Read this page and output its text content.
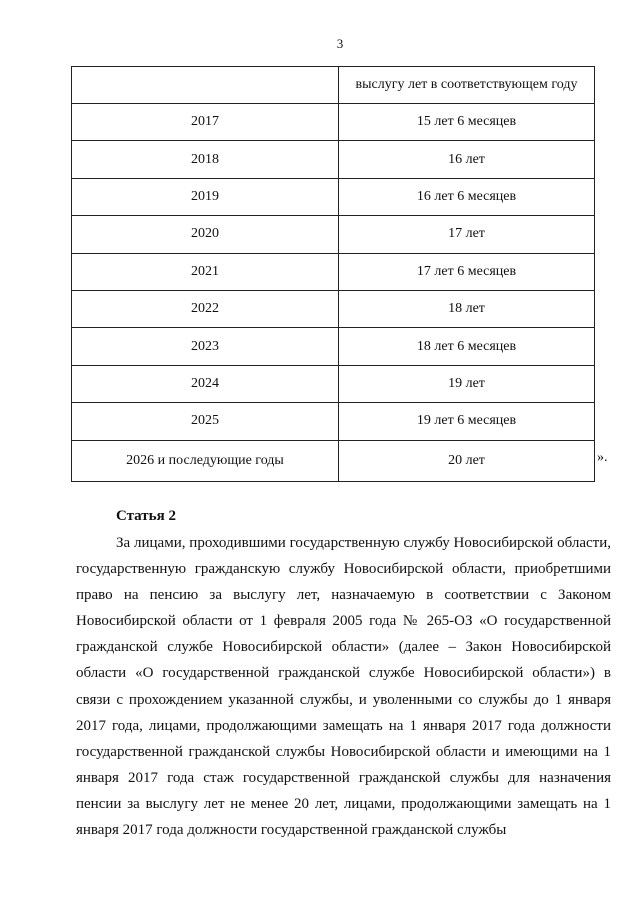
3
	выслугу лет в соответствующем году
2017	15 лет 6 месяцев
2018	16 лет
2019	16 лет 6 месяцев
2020	17 лет
2021	17 лет 6 месяцев
2022	18 лет
2023	18 лет 6 месяцев
2024	19 лет
2025	19 лет 6 месяцев
2026 и последующие годы	20 лет	».
Статья 2

За лицами, проходившими государственную службу Новосибирской области, государственную гражданскую службу Новосибирской области, приобретшими право на пенсию за выслугу лет, назначаемую в соответствии с Законом Новосибирской области от 1 февраля 2005 года № 265-ОЗ «О государственной гражданской службе Новосибирской области» (далее – Закон Новосибирской области «О государственной гражданской службе Новосибирской области») в связи с прохождением указанной службы, и уволенными со службы до 1 января 2017 года, лицами, продолжающими замещать на 1 января 2017 года должности государственной гражданской службы Новосибирской области и имеющими на 1 января 2017 года стаж государственной гражданской службы для назначения пенсии за выслугу лет не менее 20 лет, лицами, продолжающими замещать на 1 января 2017 года должности государственной гражданской службы
